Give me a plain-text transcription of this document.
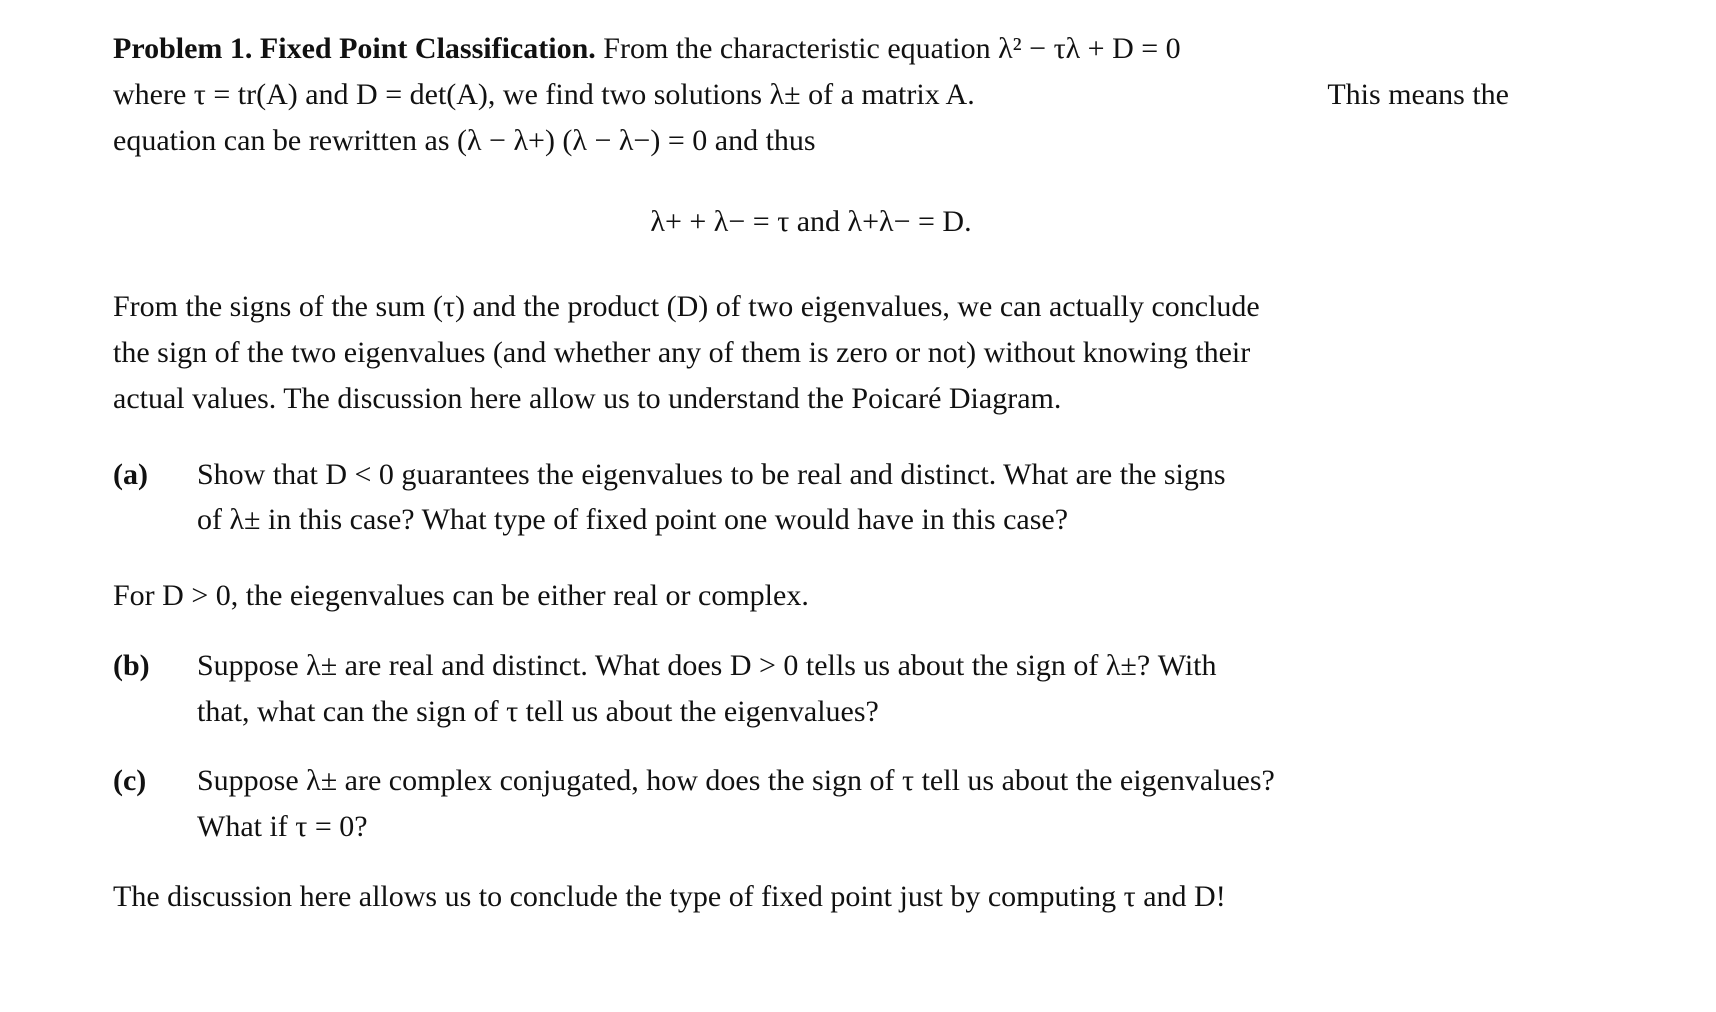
Problem 1. Fixed Point Classification. From the characteristic equation λ² − τλ + D = 0
where τ = tr(A) and D = det(A), we find two solutions λ± of a matrix A.	This means the
equation can be rewritten as (λ − λ+) (λ − λ−) = 0 and thus
λ+ + λ− = τ and λ+λ− = D.
From the signs of the sum (τ) and the product (D) of two eigenvalues, we can actually conclude
the sign of the two eigenvalues (and whether any of them is zero or not) without knowing their
actual values. The discussion here allow us to understand the Poicaré Diagram.
(a) Show that D < 0 guarantees the eigenvalues to be real and distinct. What are the signs
of λ± in this case? What type of fixed point one would have in this case?
For D > 0, the eiegenvalues can be either real or complex.
(b) Suppose λ± are real and distinct. What does D > 0 tells us about the sign of λ±? With
that, what can the sign of τ tell us about the eigenvalues?
(c) Suppose λ± are complex conjugated, how does the sign of τ tell us about the eigenvalues?
What if τ = 0?
The discussion here allows us to conclude the type of fixed point just by computing τ and D!
